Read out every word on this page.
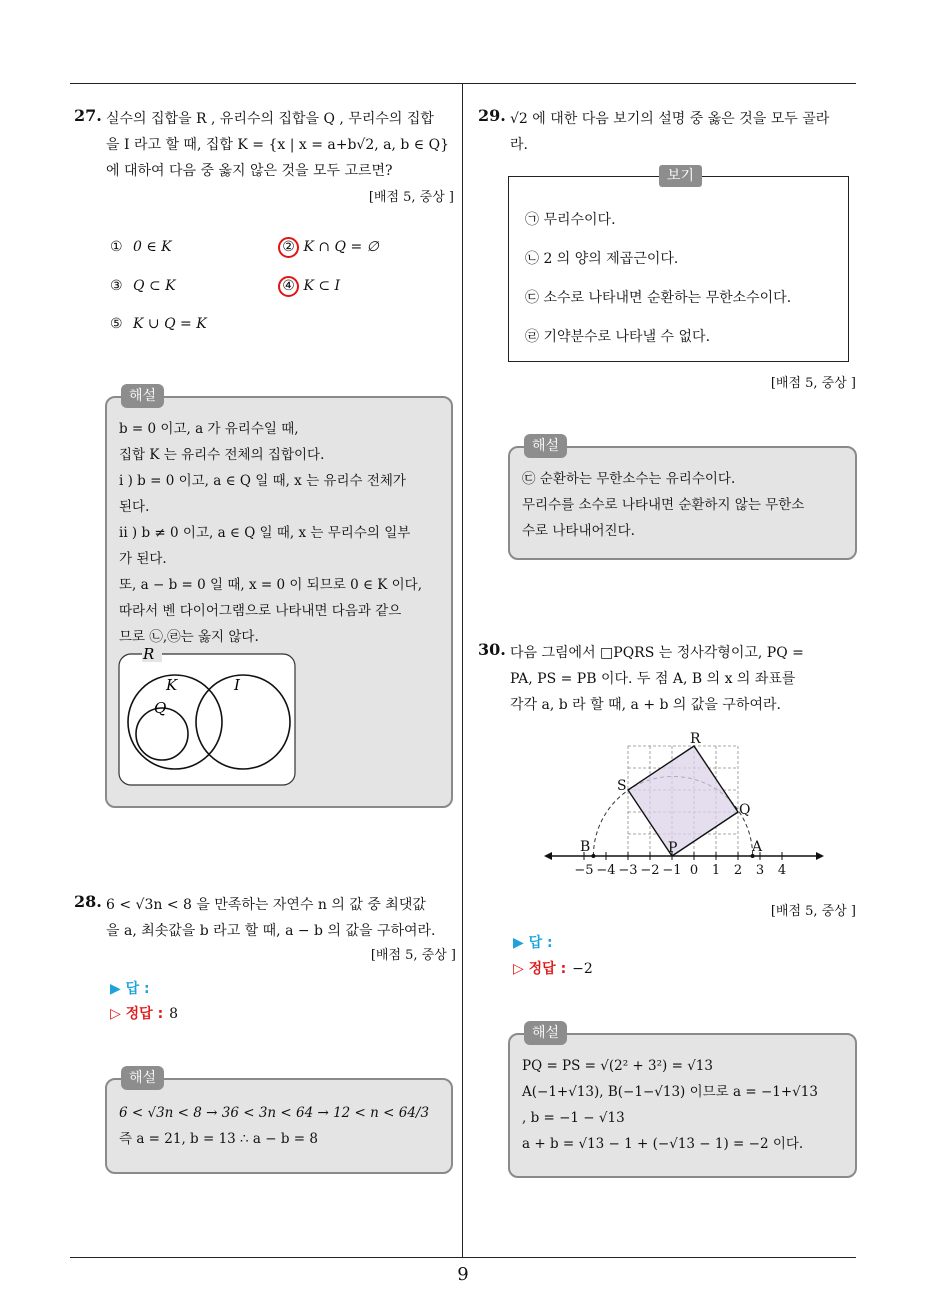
9
27. 실수의 집합을 R , 유리수의 집합을 Q , 무리수의 집합
을 I 라고 할 때, 집합 K = {x | x = a+b√2, a, b ∈ Q}
에 대하여 다음 중 옳지 않은 것을 모두 고르면?
[배점 5, 중상 ]
① 0 ∈ K	② K ∩ Q = ∅
③ Q ⊂ K	④ K ⊂ I
⑤ K ∪ Q = K
해설
b = 0 이고, a 가 유리수일 때,
집합 K 는 유리수 전체의 집합이다.
i ) b = 0 이고, a ∈ Q 일 때, x 는 유리수 전체가
된다.
ii ) b ≠ 0 이고, a ∈ Q 일 때, x 는 무리수의 일부
가 된다.
또, a − b = 0 일 때, x = 0 이 되므로 0 ∈ K 이다,
따라서 벤 다이어그램으로 나타내면 다음과 같으
므로 ㉡,㉣는 옳지 않다.
R
K
Q
I
28. 6 < √3n < 8 을 만족하는 자연수 n 의 값 중 최댓값
을 a, 최솟값을 b 라고 할 때, a − b 의 값을 구하여라.
[배점 5, 중상 ]
▶ 답 :
▷ 정답 : 8
해설
6 < √3n < 8 → 36 < 3n < 64 → 12 < n < 64/3
즉 a = 21, b = 13 ∴ a − b = 8
29. √2 에 대한 다음 보기의 설명 중 옳은 것을 모두 골라
라.
보기
㉠ 무리수이다.
㉡ 2 의 양의 제곱근이다.
㉢ 소수로 나타내면 순환하는 무한소수이다.
㉣ 기약분수로 나타낼 수 없다.
[배점 5, 중상 ]
해설
㉢ 순환하는 무한소수는 유리수이다.
무리수를 소수로 나타내면 순환하지 않는 무한소
수로 나타내어진다.
30. 다음 그림에서 □PQRS 는 정사각형이고, PQ =
PA, PS = PB 이다. 두 점 A, B 의 x 의 좌표를
각각 a, b 라 할 때, a + b 의 값을 구하여라.
R
S
Q
P	A
B
−5 −4 −3 −2 −1 0 1 2 3 4
[배점 5, 중상 ]
▶ 답 :
▷ 정답 : −2
해설
PQ = PS = √(2² + 3²) = √13
A(−1+√13), B(−1−√13) 이므로 a = −1+√13
, b = −1 − √13
a + b = √13 − 1 + (−√13 − 1) = −2 이다.
